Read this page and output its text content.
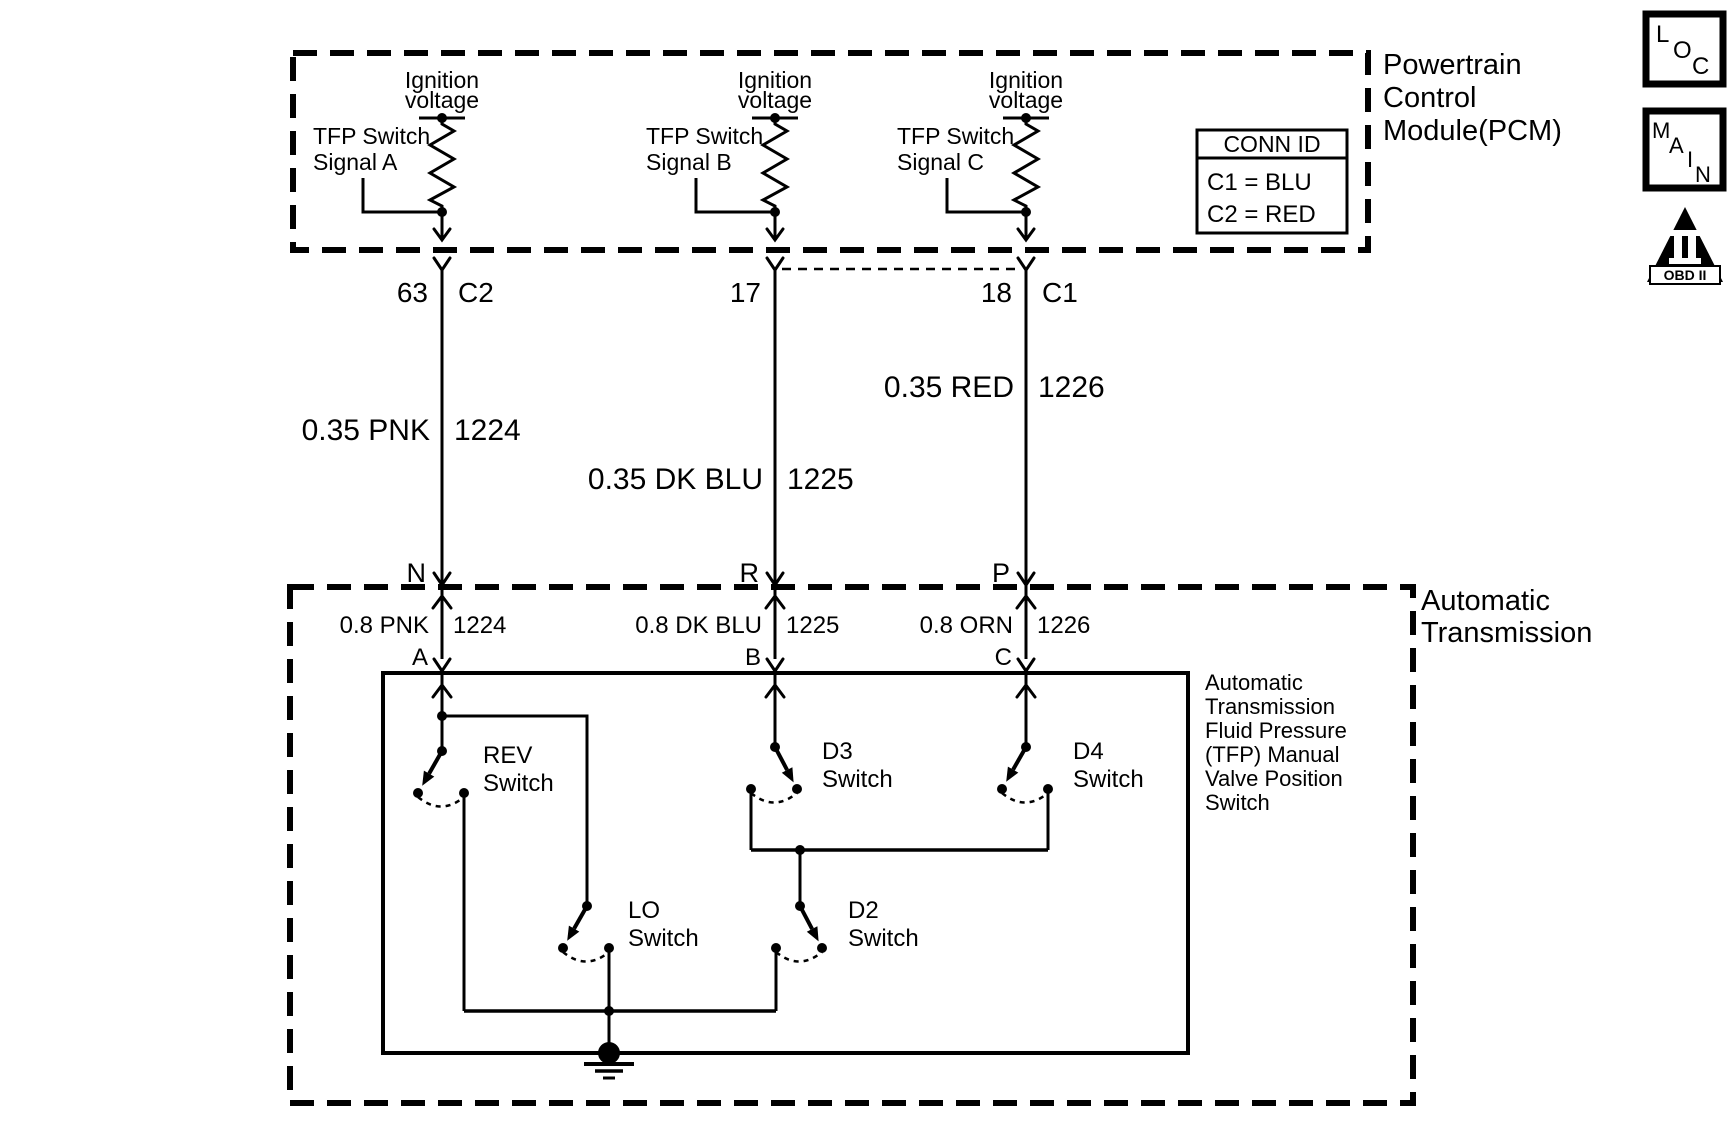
Powertrain
Control
Module(PCM)
Ignition
voltage
TFP Switch
Signal A
63 C2
Ignition
voltage
TFP Switch
Signal B
17
Ignition
voltage
TFP Switch
Signal C
18 C1
CONN ID
C1 = BLU
C2 = RED
0.35 PNK 1224
0.35 DK BLU 1225
0.35 RED 1226
Automatic
Transmission
N
0.8 PNK 1224
A
R
0.8 DK BLU 1225
B
P
0.8 ORN 1226
C
Automatic
Transmission
Fluid Pressure
(TFP) Manual
Valve Position
Switch
REV
Switch
D3
Switch
D4
Switch
LO
Switch
D2
Switch
L
O
C
M
A
I
N
OBD II
